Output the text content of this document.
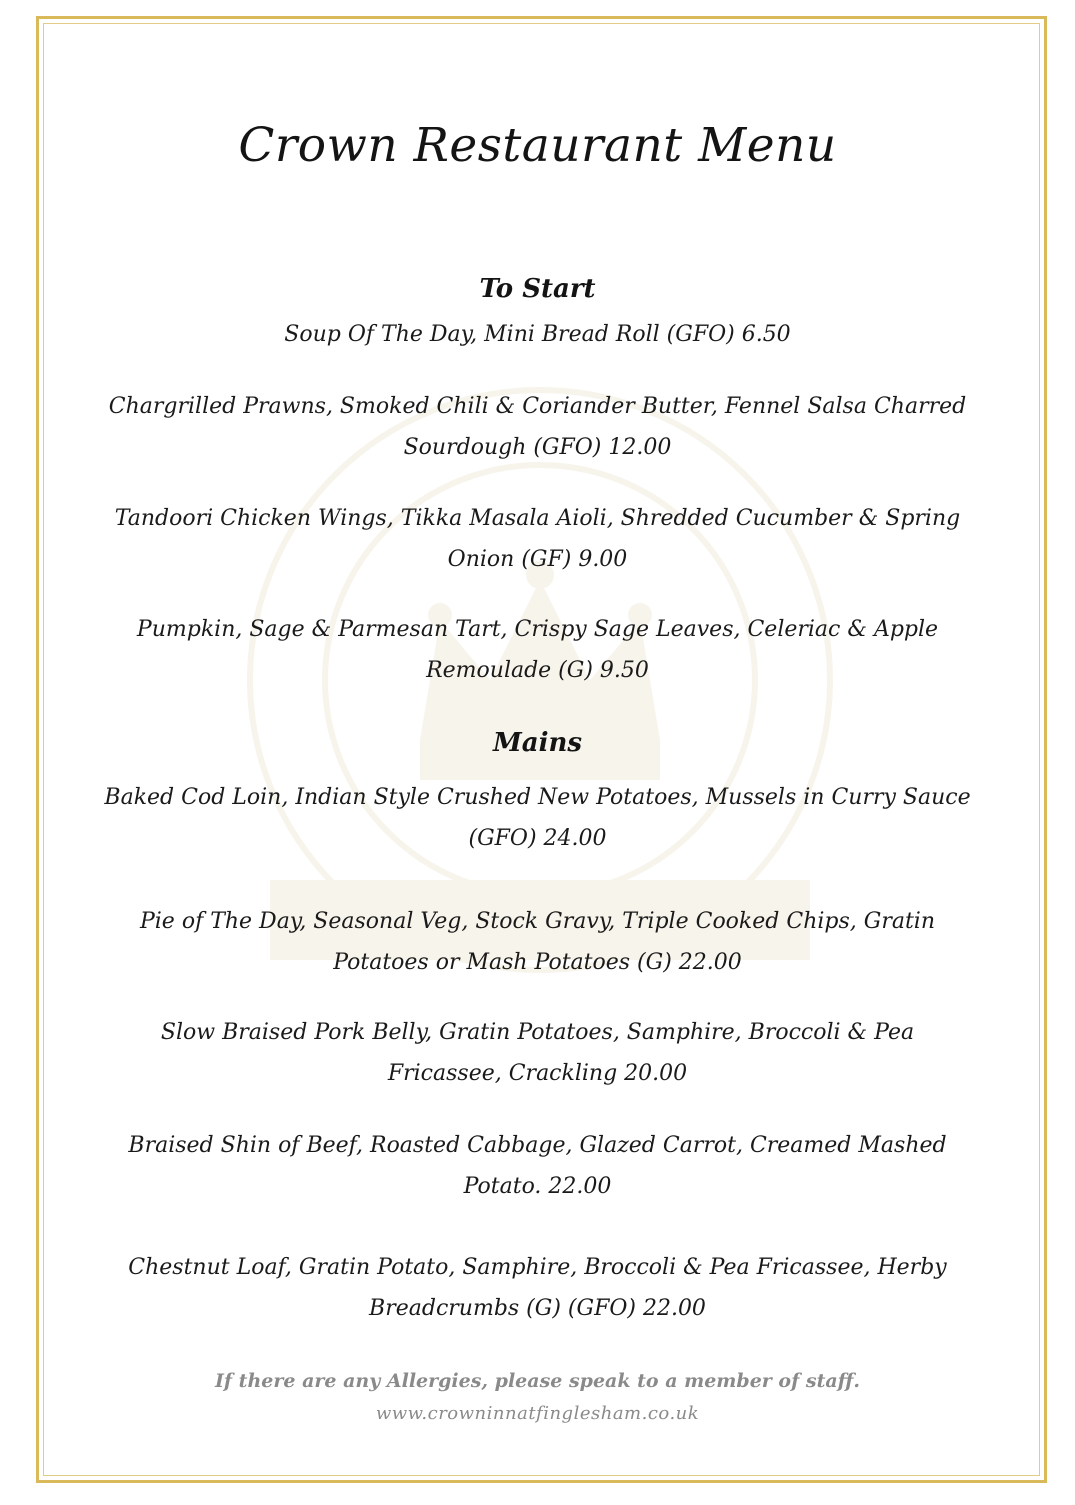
Crown Restaurant Menu
To Start
Soup Of The Day, Mini Bread Roll (GFO) 6.50
Chargrilled Prawns, Smoked Chili & Coriander Butter, Fennel Salsa Charred
Sourdough (GFO) 12.00
Tandoori Chicken Wings, Tikka Masala Aioli, Shredded Cucumber & Spring
Onion (GF) 9.00
Pumpkin, Sage & Parmesan Tart, Crispy Sage Leaves, Celeriac & Apple
Remoulade (G) 9.50
Mains
Baked Cod Loin, Indian Style Crushed New Potatoes, Mussels in Curry Sauce
(GFO) 24.00
Pie of The Day, Seasonal Veg, Stock Gravy, Triple Cooked Chips, Gratin
Potatoes or Mash Potatoes (G) 22.00
Slow Braised Pork Belly, Gratin Potatoes, Samphire, Broccoli & Pea
Fricassee, Crackling 20.00
Braised Shin of Beef, Roasted Cabbage, Glazed Carrot, Creamed Mashed
Potato. 22.00
Chestnut Loaf, Gratin Potato, Samphire, Broccoli & Pea Fricassee, Herby
Breadcrumbs (G) (GFO) 22.00
If there are any Allergies, please speak to a member of staff.
www.crowninnatfinglesham.co.uk
